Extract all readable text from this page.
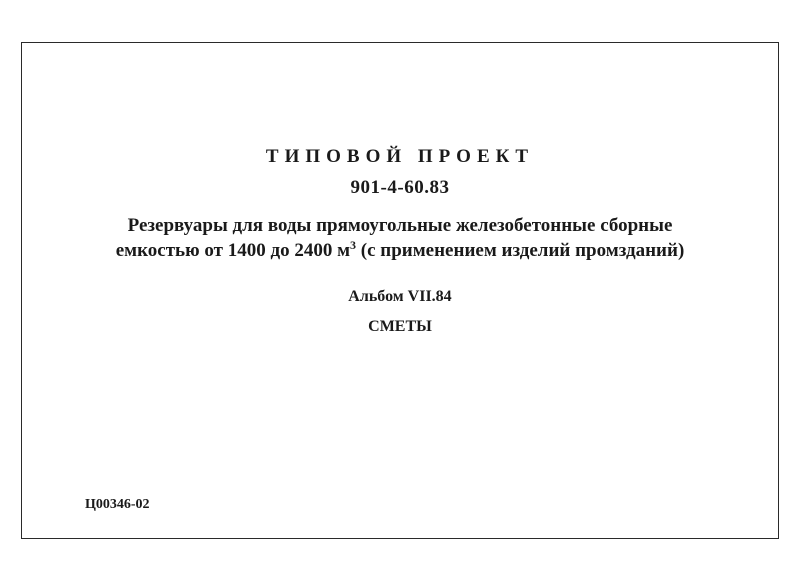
ТИПОВОЙ ПРОЕКТ
901-4-60.83
Резервуары для воды прямоугольные железобетонные сборные
емкостью от 1400 до 2400 $м^3$ (с применением изделий промзданий)
Альбом VII.84
СМЕТЫ
Ц00346-02
